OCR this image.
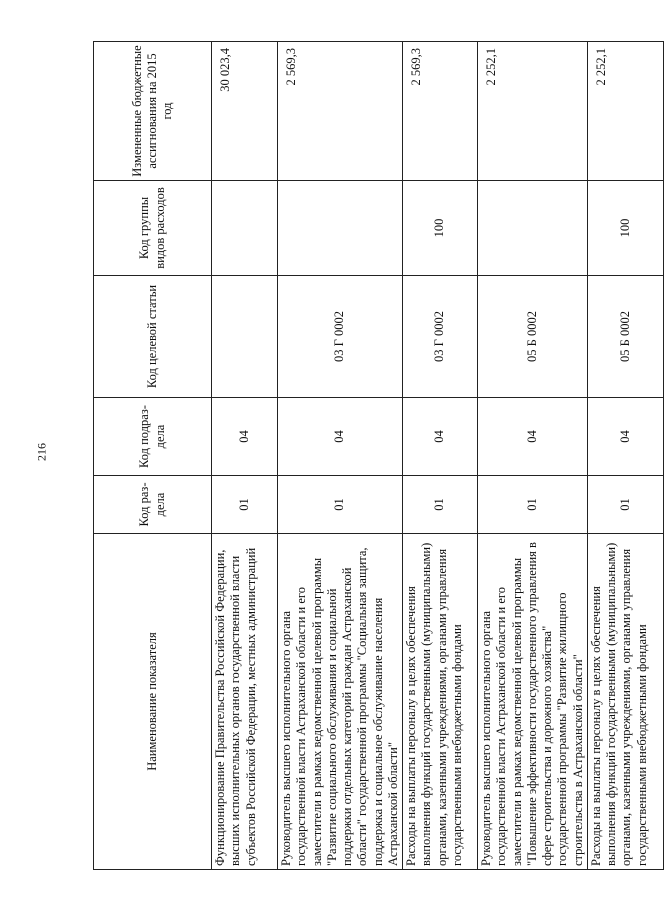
216
Наименование показателя	Код раз-дела	Код подраз-дела	Код целевой статьи	Код группы видов расходов	Измененные бюджетные ассигнования на 2015 год
Функционирование Правительства Российской Федерации, высших исполнительных органов государственной власти субъектов Российской Федерации, местных администраций	01	04			30 023,4
Руководитель высшего исполнительного органа государственной власти Астраханской области и его заместители в рамках ведомственной целевой программы "Развитие социального обслуживания и социальной поддержки отдельных категорий граждан Астраханской области" государственной программы "Социальная защита, поддержка и социальное обслуживание населения Астраханской области"	01	04	03 Г 0002		2 569,3
Расходы на выплаты персоналу в целях обеспечения выполнения функций государственными (муниципальными) органами, казенными учреждениями, органами управления государственными внебюджетными фондами	01	04	03 Г 0002	100	2 569,3
Руководитель высшего исполнительного органа государственной власти Астраханской области и его заместители в рамках ведомственной целевой программы "Повышение эффективности государственного управления в сфере строительства и дорожного хозяйства" государственной программы "Развитие жилищного строительства в Астраханской области"	01	04	05 Б 0002		2 252,1
Расходы на выплаты персоналу в целях обеспечения выполнения функций государственными (муниципальными) органами, казенными учреждениями, органами управления государственными внебюджетными фондами	01	04	05 Б 0002	100	2 252,1
